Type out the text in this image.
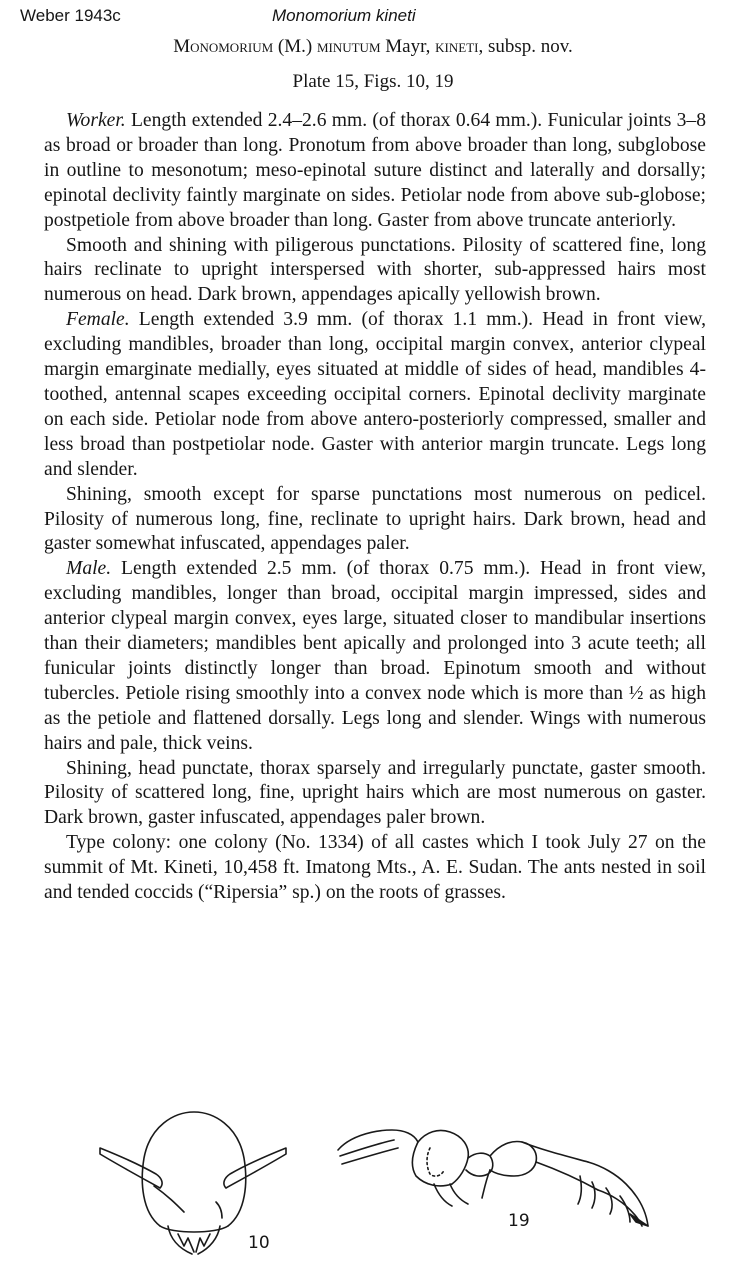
Weber 1943c	Monomorium kineti
Monomorium (M.) minutum Mayr, kineti, subsp. nov.
Plate 15, Figs. 10, 19

Worker. Length extended 2.4–2.6 mm. (of thorax 0.64 mm.). Funicular joints 3–8 as broad or broader than long. Pronotum from above broader than long, subglobose in outline to mesonotum; meso-epinotal suture distinct and laterally and dorsally; epinotal declivity faintly marginate on sides. Petiolar node from above sub-globose; postpetiole from above broader than long. Gaster from above truncate anteriorly.

Smooth and shining with piligerous punctations. Pilosity of scattered fine, long hairs reclinate to upright interspersed with shorter, sub-appressed hairs most numerous on head. Dark brown, appendages apically yellowish brown.

Female. Length extended 3.9 mm. (of thorax 1.1 mm.). Head in front view, excluding mandibles, broader than long, occipital margin convex, anterior clypeal margin emarginate medially, eyes situated at middle of sides of head, mandibles 4-toothed, antennal scapes exceeding occipital corners. Epinotal declivity marginate on each side. Petiolar node from above antero-posteriorly compressed, smaller and less broad than postpetiolar node. Gaster with anterior margin truncate. Legs long and slender.

Shining, smooth except for sparse punctations most numerous on pedicel. Pilosity of numerous long, fine, reclinate to upright hairs. Dark brown, head and gaster somewhat infuscated, appendages paler.

Male. Length extended 2.5 mm. (of thorax 0.75 mm.). Head in front view, excluding mandibles, longer than broad, occipital margin impressed, sides and anterior clypeal margin convex, eyes large, situated closer to mandibular insertions than their diameters; mandibles bent apically and prolonged into 3 acute teeth; all funicular joints distinctly longer than broad. Epinotum smooth and without tubercles. Petiole rising smoothly into a convex node which is more than ½ as high as the petiole and flattened dorsally. Legs long and slender. Wings with numerous hairs and pale, thick veins.

Shining, head punctate, thorax sparsely and irregularly punctate, gaster smooth. Pilosity of scattered long, fine, upright hairs which are most numerous on gaster. Dark brown, gaster infuscated, appendages paler brown.

Type colony: one colony (No. 1334) of all castes which I took July 27 on the summit of Mt. Kineti, 10,458 ft. Imatong Mts., A. E. Sudan. The ants nested in soil and tended coccids (“Ripersia” sp.) on the roots of grasses.

10
19
